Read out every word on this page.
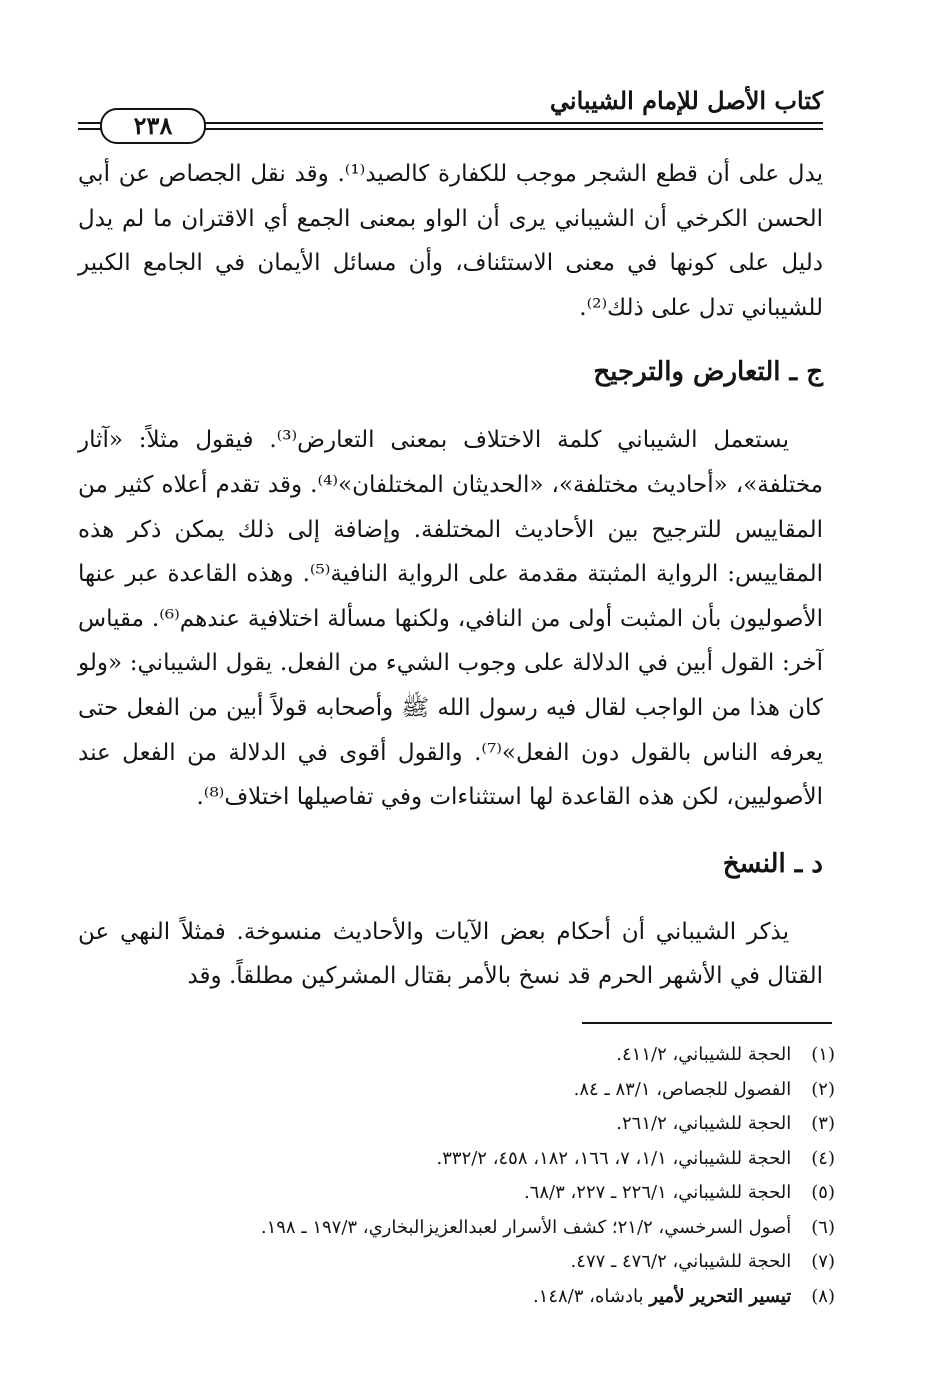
كتاب الأصل للإمام الشيباني
٢٣٨

يدل على أن قطع الشجر موجب للكفارة كالصيد⁽¹⁾. وقد نقل الجصاص عن أبي الحسن الكرخي أن الشيباني يرى أن الواو بمعنى الجمع أي الاقتران ما لم يدل دليل على كونها في معنى الاستئناف، وأن مسائل الأيمان في الجامع الكبير للشيباني تدل على ذلك⁽²⁾.

ج ـ التعارض والترجيح

يستعمل الشيباني كلمة الاختلاف بمعنى التعارض⁽³⁾. فيقول مثلاً: «آثار مختلفة»، «أحاديث مختلفة»، «الحديثان المختلفان»⁽⁴⁾. وقد تقدم أعلاه كثير من المقاييس للترجيح بين الأحاديث المختلفة. وإضافة إلى ذلك يمكن ذكر هذه المقاييس: الرواية المثبتة مقدمة على الرواية النافية⁽⁵⁾. وهذه القاعدة عبر عنها الأصوليون بأن المثبت أولى من النافي، ولكنها مسألة اختلافية عندهم⁽⁶⁾. مقياس آخر: القول أبين في الدلالة على وجوب الشيء من الفعل. يقول الشيباني: «ولو كان هذا من الواجب لقال فيه رسول الله ﷺ وأصحابه قولاً أبين من الفعل حتى يعرفه الناس بالقول دون الفعل»⁽⁷⁾. والقول أقوى في الدلالة من الفعل عند الأصوليين، لكن هذه القاعدة لها استثناءات وفي تفاصيلها اختلاف⁽⁸⁾.

د ـ النسخ

يذكر الشيباني أن أحكام بعض الآيات والأحاديث منسوخة. فمثلاً النهي عن القتال في الأشهر الحرم قد نسخ بالأمر بقتال المشركين مطلقاً. وقد

(١) الحجة للشيباني، ٤١١/٢.
(٢) الفصول للجصاص، ٨٣/١ ـ ٨٤.
(٣) الحجة للشيباني، ٢٦١/٢.
(٤) الحجة للشيباني، ١/١، ٧، ١٦٦، ١٨٢، ٤٥٨، ٣٣٢/٢.
(٥) الحجة للشيباني، ٢٢٦/١ ـ ٢٢٧، ٦٨/٣.
(٦) أصول السرخسي، ٢١/٢؛ كشف الأسرار لعبدالعزيزالبخاري، ١٩٧/٣ ـ ١٩٨.
(٧) الحجة للشيباني، ٤٧٦/٢ ـ ٤٧٧.
(٨) تيسير التحرير لأمير بادشاه، ١٤٨/٣.
